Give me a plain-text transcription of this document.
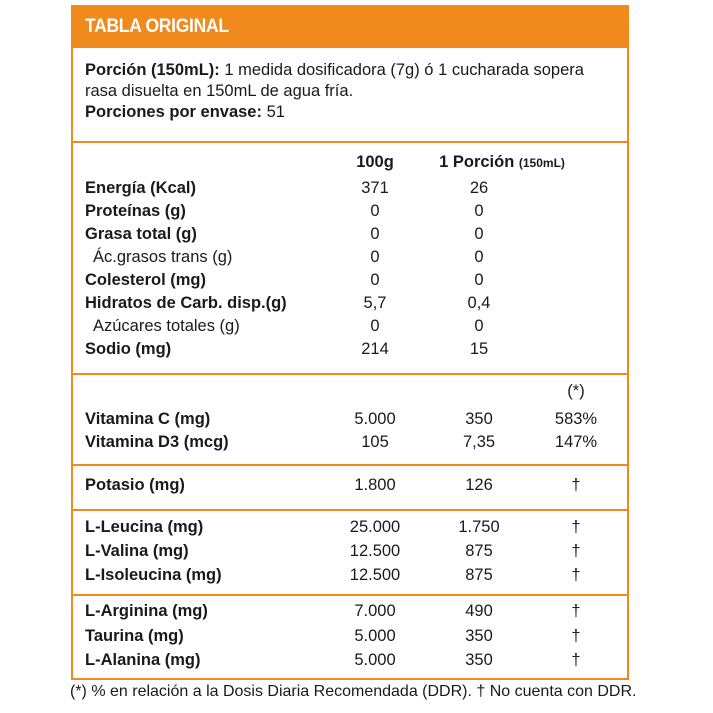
TABLA ORIGINAL
Porción (150mL): 1 medida dosificadora (7g) ó 1 cucharada sopera rasa disuelta en 150mL de agua fría.
Porciones por envase: 51
100g	1 Porción (150mL)
Energía (Kcal)	371	26
Proteínas (g)	0	0
Grasa total (g)	0	0
Ác.grasos trans (g)	0	0
Colesterol (mg)	0	0
Hidratos de Carb. disp.(g)	5,7	0,4
Azúcares totales (g)	0	0
Sodio (mg)	214	15
(*)
Vitamina C (mg)	5.000	350	583%
Vitamina D3 (mcg)	105	7,35	147%
Potasio (mg)	1.800	126	†
L-Leucina (mg)	25.000	1.750	†
L-Valina (mg)	12.500	875	†
L-Isoleucina (mg)	12.500	875	†
L-Arginina (mg)	7.000	490	†
Taurina (mg)	5.000	350	†
L-Alanina (mg)	5.000	350	†
(*) % en relación a la Dosis Diaria Recomendada (DDR). † No cuenta con DDR.
